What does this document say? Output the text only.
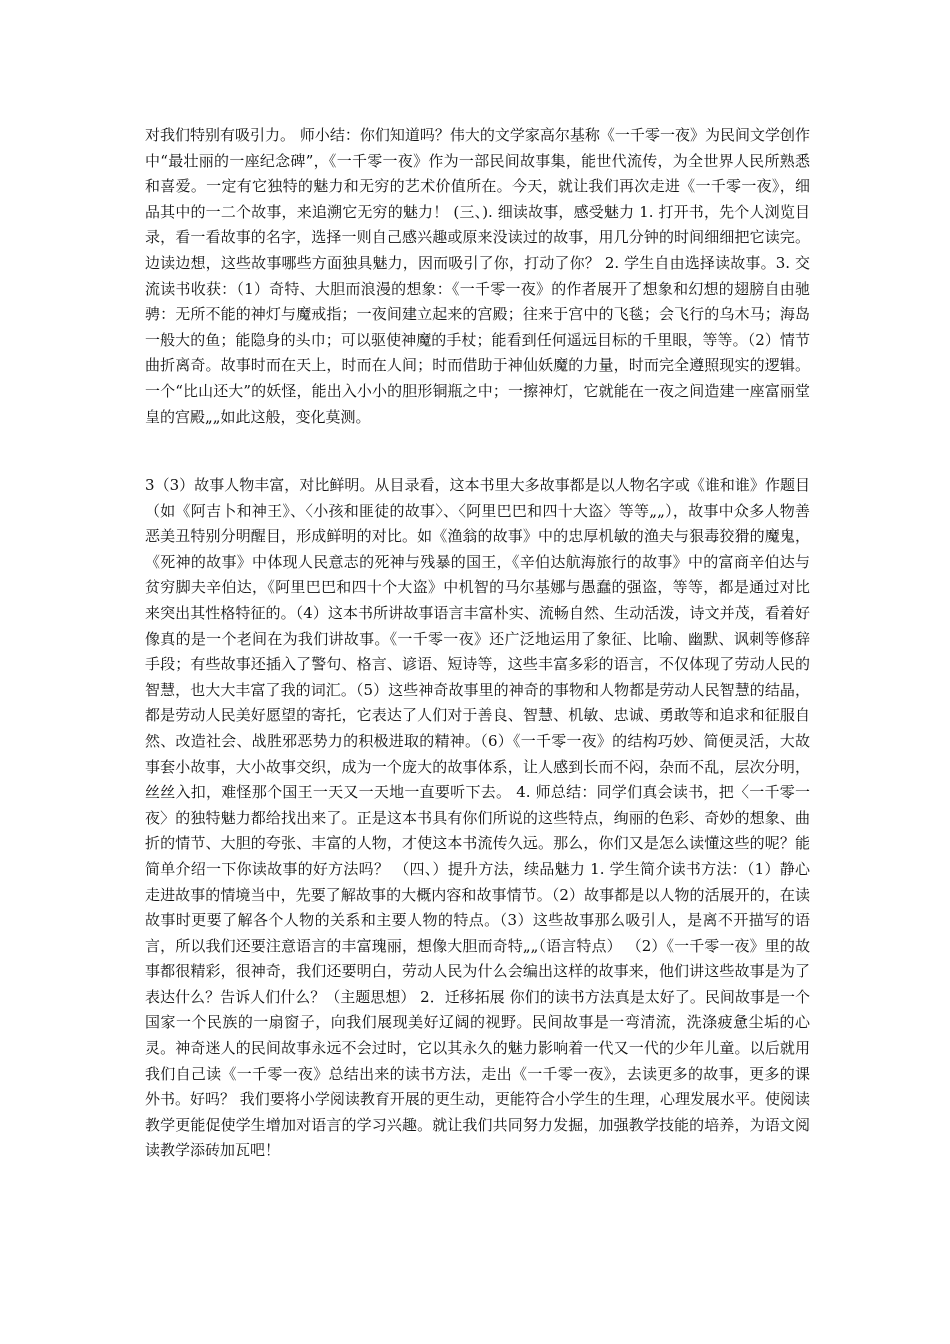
对我们特别有吸引力。 师小结：你们知道吗？伟大的文学家高尔基称《一千零一夜》为民间文学创作中“最壮丽的一座纪念碑”，《一千零一夜》作为一部民间故事集，能世代流传，为全世界人民所熟悉和喜爱。一定有它独特的魅力和无穷的艺术价值所在。今天，就让我们再次走进《一千零一夜》，细品其中的一二个故事，来追溯它无穷的魅力！ (三、). 细读故事，感受魅力 1. 打开书，先个人浏览目录，看一看故事的名字，选择一则自己感兴趣或原来没读过的故事，用几分钟的时间细细把它读完。边读边想，这些故事哪些方面独具魅力，因而吸引了你，打动了你？ 2. 学生自由选择读故事。3. 交流读书收获：（1）奇特、大胆而浪漫的想象：《一千零一夜》的作者展开了想象和幻想的翅膀自由驰骋：无所不能的神灯与魔戒指；一夜间建立起来的宫殿；往来于宫中的飞毯；会飞行的乌木马；海岛一般大的鱼；能隐身的头巾；可以驱使神魔的手杖；能看到任何遥远目标的千里眼，等等。（2）情节曲折离奇。故事时而在天上，时而在人间；时而借助于神仙妖魔的力量，时而完全遵照现实的逻辑。一个“比山还大”的妖怪，能出入小小的胆形铜瓶之中；一擦神灯，它就能在一夜之间造建一座富丽堂皇的宫殿„„如此这般，变化莫测。

3（3）故事人物丰富，对比鲜明。从目录看，这本书里大多故事都是以人物名字或《谁和谁》作题目（如《阿吉卜和神王》、〈小孩和匪徒的故事〉、〈阿里巴巴和四十大盗〉等等„„），故事中众多人物善恶美丑特别分明醒目，形成鲜明的对比。如《渔翁的故事》中的忠厚机敏的渔夫与狠毒狡猾的魔鬼，《死神的故事》中体现人民意志的死神与残暴的国王，《辛伯达航海旅行的故事》中的富商辛伯达与贫穷脚夫辛伯达，《阿里巴巴和四十个大盗》中机智的马尔基娜与愚蠢的强盗，等等，都是通过对比来突出其性格特征的。（4）这本书所讲故事语言丰富朴实、流畅自然、生动活泼，诗文并茂，看着好像真的是一个老间在为我们讲故事。《一千零一夜》还广泛地运用了象征、比喻、幽默、讽刺等修辞手段；有些故事还插入了警句、格言、谚语、短诗等，这些丰富多彩的语言，不仅体现了劳动人民的智慧，也大大丰富了我的词汇。（5）这些神奇故事里的神奇的事物和人物都是劳动人民智慧的结晶，都是劳动人民美好愿望的寄托，它表达了人们对于善良、智慧、机敏、忠诚、勇敢等和追求和征服自然、改造社会、战胜邪恶势力的积极进取的精神。（6）《一千零一夜》的结构巧妙、简便灵活，大故事套小故事，大小故事交织，成为一个庞大的故事体系，让人感到长而不闷，杂而不乱，层次分明，丝丝入扣，难怪那个国王一天又一天地一直要听下去。 4. 师总结：同学们真会读书，把〈一千零一夜〉的独特魅力都给找出来了。正是这本书具有你们所说的这些特点，绚丽的色彩、奇妙的想象、曲折的情节、大胆的夸张、丰富的人物，才使这本书流传久远。那么，你们又是怎么读懂这些的呢？能简单介绍一下你读故事的好方法吗？ （四、）提升方法，续品魅力 1. 学生简介读书方法：（1）静心走进故事的情境当中，先要了解故事的大概内容和故事情节。（2）故事都是以人物的活展开的，在读故事时更要了解各个人物的关系和主要人物的特点。（3）这些故事那么吸引人，是离不开描写的语言，所以我们还要注意语言的丰富瑰丽，想像大胆而奇特„„（语言特点） （2）《一千零一夜》里的故事都很精彩，很神奇，我们还要明白，劳动人民为什么会编出这样的故事来，他们讲这些故事是为了表达什么？告诉人们什么？（主题思想） 2．迁移拓展 你们的读书方法真是太好了。民间故事是一个国家一个民族的一扇窗子，向我们展现美好辽阔的视野。民间故事是一弯清流，洗涤疲惫尘垢的心灵。神奇迷人的民间故事永远不会过时，它以其永久的魅力影响着一代又一代的少年儿童。以后就用我们自己读《一千零一夜》总结出来的读书方法，走出《一千零一夜》，去读更多的故事，更多的课外书。好吗？ 我们要将小学阅读教育开展的更生动，更能符合小学生的生理，心理发展水平。使阅读教学更能促使学生增加对语言的学习兴趣。就让我们共同努力发掘，加强教学技能的培养，为语文阅读教学添砖加瓦吧！
